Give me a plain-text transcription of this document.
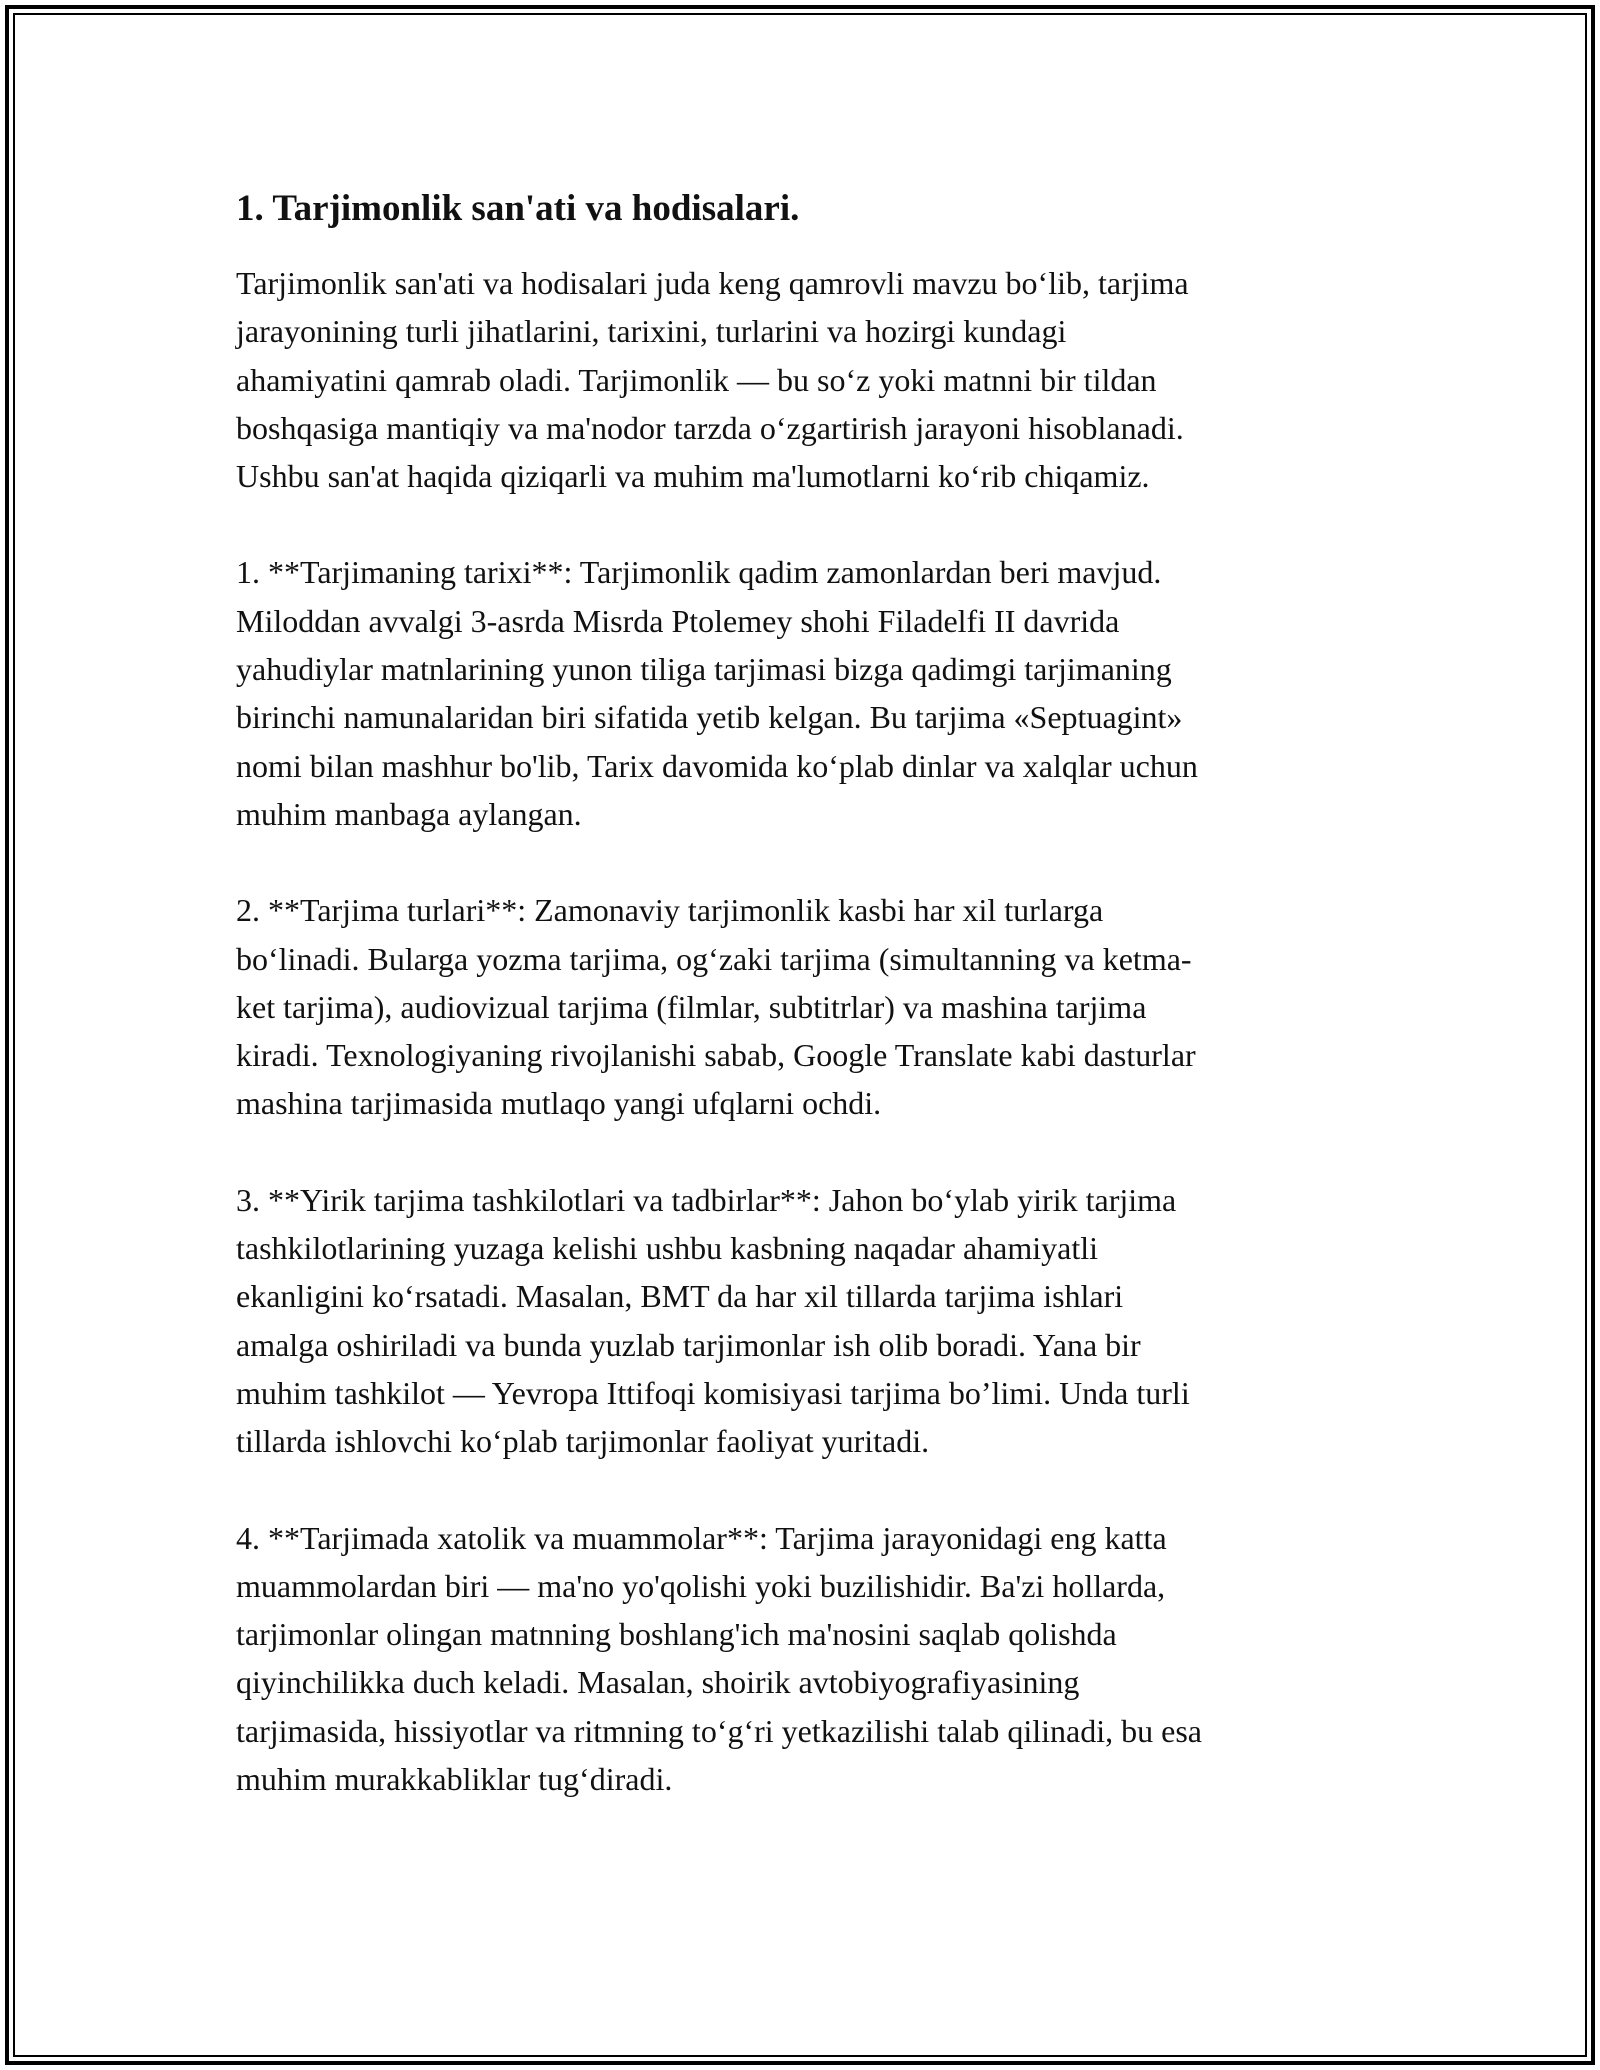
1. Tarjimonlik san'ati va hodisalari.

Tarjimonlik san'ati va hodisalari juda keng qamrovli mavzu bo‘lib, tarjima
jarayonining turli jihatlarini, tarixini, turlarini va hozirgi kundagi
ahamiyatini qamrab oladi. Tarjimonlik — bu so‘z yoki matnni bir tildan
boshqasiga mantiqiy va ma'nodor tarzda o‘zgartirish jarayoni hisoblanadi.
Ushbu san'at haqida qiziqarli va muhim ma'lumotlarni ko‘rib chiqamiz.

1. **Tarjimaning tarixi**: Tarjimonlik qadim zamonlardan beri mavjud.
Miloddan avvalgi 3-asrda Misrda Ptolemey shohi Filadelfi II davrida
yahudiylar matnlarining yunon tiliga tarjimasi bizga qadimgi tarjimaning
birinchi namunalaridan biri sifatida yetib kelgan. Bu tarjima «Septuagint»
nomi bilan mashhur bo'lib, Tarix davomida ko‘plab dinlar va xalqlar uchun
muhim manbaga aylangan.

2. **Tarjima turlari**: Zamonaviy tarjimonlik kasbi har xil turlarga
bo‘linadi. Bularga yozma tarjima, og‘zaki tarjima (simultanning va ketma-
ket tarjima), audiovizual tarjima (filmlar, subtitrlar) va mashina tarjima
kiradi. Texnologiyaning rivojlanishi sabab, Google Translate kabi dasturlar
mashina tarjimasida mutlaqo yangi ufqlarni ochdi.

3. **Yirik tarjima tashkilotlari va tadbirlar**: Jahon bo‘ylab yirik tarjima
tashkilotlarining yuzaga kelishi ushbu kasbning naqadar ahamiyatli
ekanligini ko‘rsatadi. Masalan, BMT da har xil tillarda tarjima ishlari
amalga oshiriladi va bunda yuzlab tarjimonlar ish olib boradi. Yana bir
muhim tashkilot — Yevropa Ittifoqi komisiyasi tarjima bo’limi. Unda turli
tillarda ishlovchi ko‘plab tarjimonlar faoliyat yuritadi.

4. **Tarjimada xatolik va muammolar**: Tarjima jarayonidagi eng katta
muammolardan biri — ma'no yo'qolishi yoki buzilishidir. Ba'zi hollarda,
tarjimonlar olingan matnning boshlang'ich ma'nosini saqlab qolishda
qiyinchilikka duch keladi. Masalan, shoirik avtobiyografiyasining
tarjimasida, hissiyotlar va ritmning to‘g‘ri yetkazilishi talab qilinadi, bu esa
muhim murakkabliklar tug‘diradi.
